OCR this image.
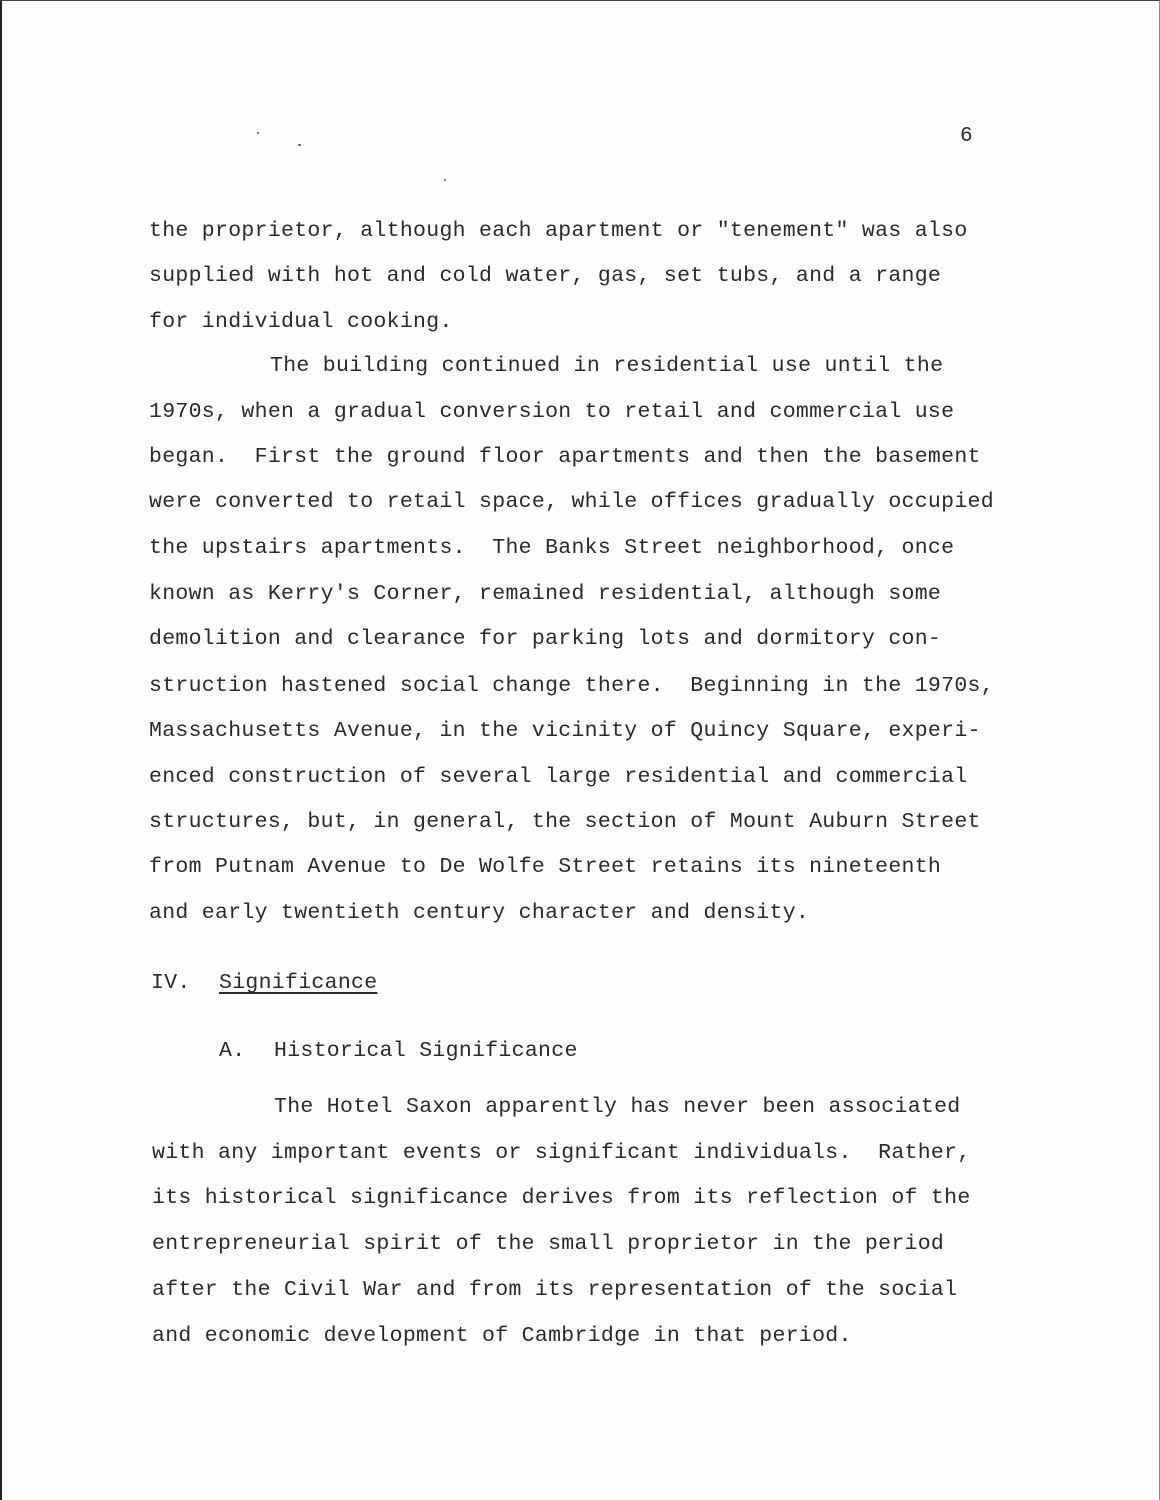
6
the proprietor, although each apartment or "tenement" was also
supplied with hot and cold water, gas, set tubs, and a range
for individual cooking.
The building continued in residential use until the
1970s, when a gradual conversion to retail and commercial use
began.  First the ground floor apartments and then the basement
were converted to retail space, while offices gradually occupied
the upstairs apartments.  The Banks Street neighborhood, once
known as Kerry's Corner, remained residential, although some
demolition and clearance for parking lots and dormitory con-
struction hastened social change there.  Beginning in the 1970s,
Massachusetts Avenue, in the vicinity of Quincy Square, experi-
enced construction of several large residential and commercial
structures, but, in general, the section of Mount Auburn Street
from Putnam Avenue to De Wolfe Street retains its nineteenth
and early twentieth century character and density.
IV. Significance
A. Historical Significance
The Hotel Saxon apparently has never been associated
with any important events or significant individuals.  Rather,
its historical significance derives from its reflection of the
entrepreneurial spirit of the small proprietor in the period
after the Civil War and from its representation of the social
and economic development of Cambridge in that period.
